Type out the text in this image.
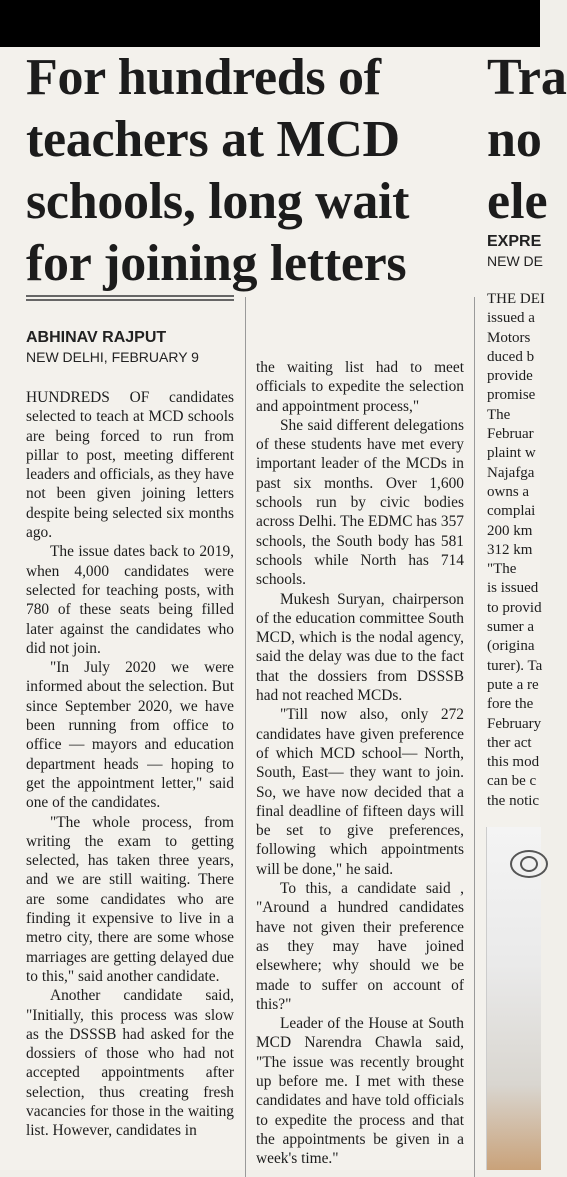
For hundreds of
teachers at MCD
schools, long wait
for joining letters
ABHINAV RAJPUT
NEW DELHI, FEBRUARY 9

HUNDREDS OF candidates selected to teach at MCD schools are being forced to run from pillar to post, meeting different leaders and officials, as they have not been given joining letters despite being selected six months ago.

The issue dates back to 2019, when 4,000 candidates were selected for teaching posts, with 780 of these seats being filled later against the candidates who did not join.

"In July 2020 we were informed about the selection. But since September 2020, we have been running from office to office — mayors and education department heads — hoping to get the appointment letter," said one of the candidates.

"The whole process, from writing the exam to getting selected, has taken three years, and we are still waiting. There are some candidates who are finding it expensive to live in a metro city, there are some whose marriages are getting delayed due to this," said another candidate.

Another candidate said, "Initially, this process was slow as the DSSSB had asked for the dossiers of those who had not accepted appointments after selection, thus creating fresh vacancies for those in the waiting list. However, candidates in

the waiting list had to meet officials to expedite the selection and appointment process,"

She said different delegations of these students have met every important leader of the MCDs in past six months. Over 1,600 schools run by civic bodies across Delhi. The EDMC has 357 schools, the South body has 581 schools while North has 714 schools.

Mukesh Suryan, chairperson of the education committee South MCD, which is the nodal agency, said the delay was due to the fact that the dossiers from DSSSB had not reached MCDs.

"Till now also, only 272 candidates have given preference of which MCD school— North, South, East— they want to join. So, we have now decided that a final deadline of fifteen days will be set to give preferences, following which appointments will be done," he said.

To this, a candidate said , "Around a hundred candidates have not given their preference as they may have joined elsewhere; why should we be made to suffer on account of this?"

Leader of the House at South MCD Narendra Chawla said, "The issue was recently brought up before me. I met with these candidates and have told officials to expedite the process and that the appointments be given in a week's time."

Tra
no
ele
EXPRE
NEW DE
THE DEI
issued a
Motors
duced b
provide
promise
The
Februar
plaint w
Najafga
owns a
complai
200 km
312 km
"The
is issued
to provid
sumer a
(origina
turer). Ta
pute a re
fore the
February
ther act
this mod
can be c
the notic
